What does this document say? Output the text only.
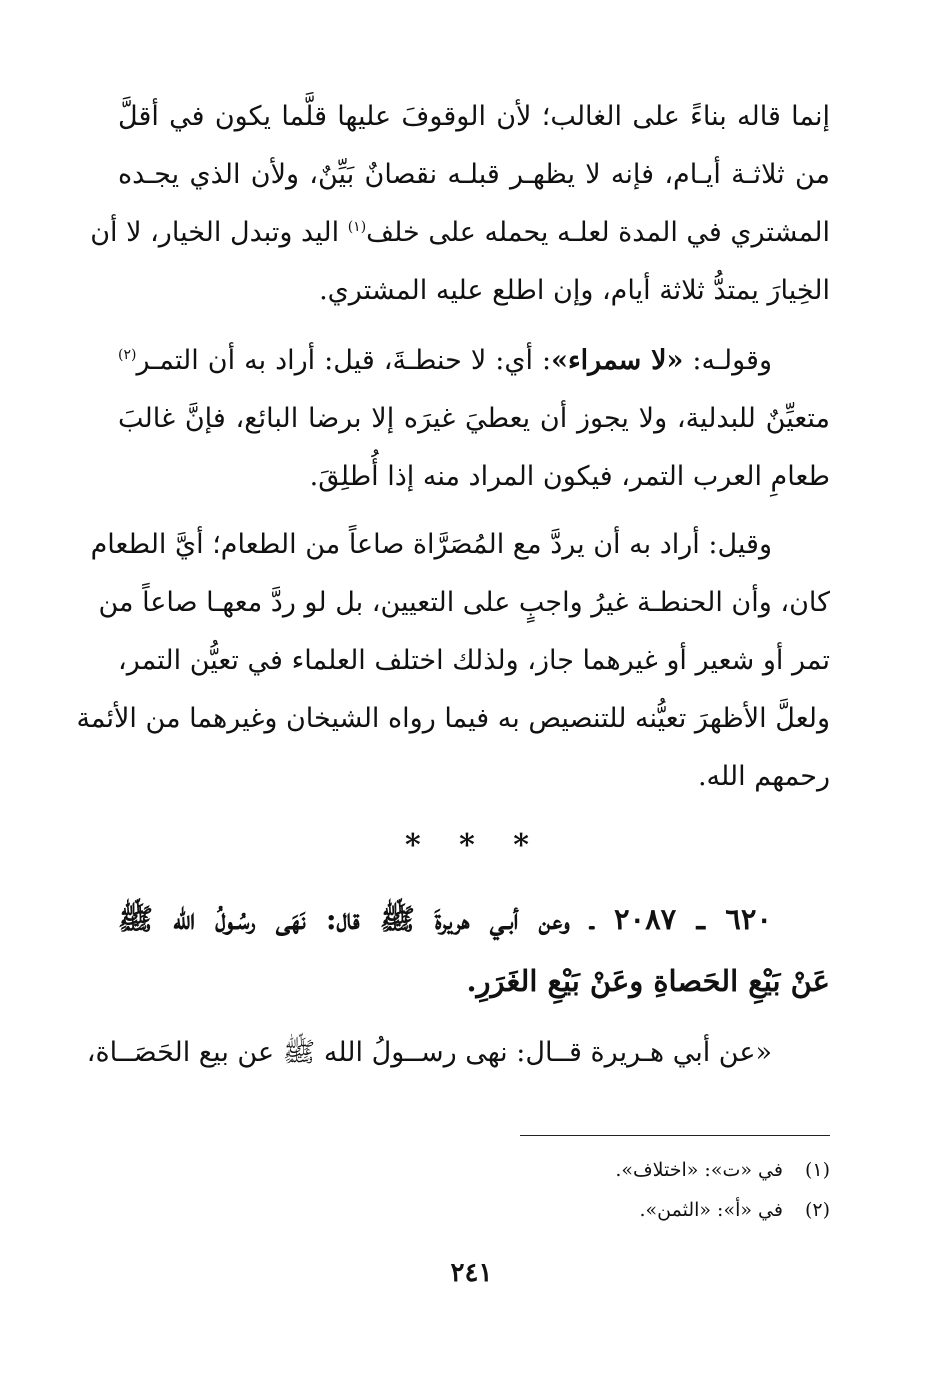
إنما قاله بناءً على الغالب؛ لأن الوقوفَ عليها قلَّما يكون في أقلَّ
من ثلاثـة أيـام، فإنه لا يظهـر قبلـه نقصانٌ بَيِّنٌ، ولأن الذي يجـده
المشتري في المدة لعلـه يحمله على خلف$^{(١)}$ اليد وتبدل الخيار، لا أن
الخِيارَ يمتدُّ ثلاثة أيام، وإن اطلع عليه المشتري.
وقولـه: «لا سمراء»: أي: لا حنطـةَ، قيل: أراد به أن التمـر$^{(٢)}$
متعيِّنٌ للبدلية، ولا يجوز أن يعطيَ غيرَه إلا برضا البائع، فإنَّ غالبَ
طعامِ العرب التمر، فيكون المراد منه إذا أُطلِقَ.
وقيل: أراد به أن يردَّ مع المُصَرَّاة صاعاً من الطعام؛ أيَّ الطعام
كان، وأن الحنطـة غيرُ واجبٍ على التعيين، بل لو ردَّ معهـا صاعاً من
تمر أو شعير أو غيرهما جاز، ولذلك اختلف العلماء في تعيُّن التمر،
ولعلَّ الأظهرَ تعيُّنه للتنصيص به فيما رواه الشيخان وغيرهما من الأئمة
رحمهم الله.
* * *
٦٢٠ ـ ٢٠٨٧ ـ وعن أبـي هريرةَ ﷺ قال: نَهَى رسُـولُ الله ﷺ
عَنْ بَيْعِ الحَصاةِ وعَنْ بَيْعِ الغَرَرِ.
«عن أبي هـريرة قــال: نهى رســولُ الله ﷺ عن بيع الحَصَــاة،
(١)في «ت»: «اختلاف».
(٢)في «أ»: «الثمن».
٢٤١
